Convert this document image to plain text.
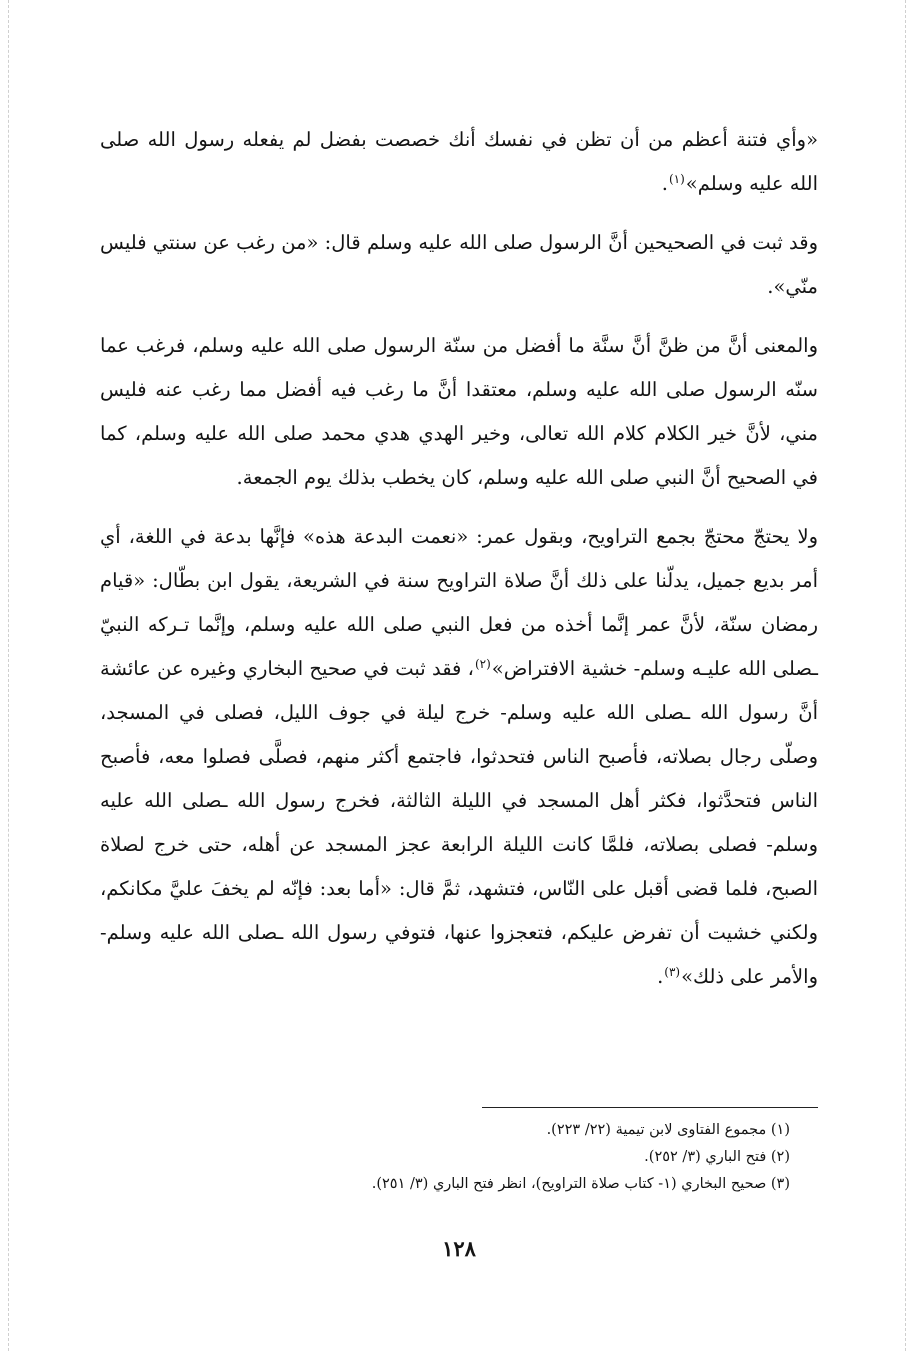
«وأي فتنة أعظم من أن تظن في نفسك أنك خصصت بفضل لم يفعله رسول الله صلى الله عليه وسلم»$^{(١)}$.

وقد ثبت في الصحيحين أنَّ الرسول صلى الله عليه وسلم قال: «من رغب عن سنتي فليس منّي».

والمعنى أنَّ من ظنَّ أنَّ سنَّة ما أفضل من سنّة الرسول صلى الله عليه وسلم، فرغب عما سنّه الرسول صلى الله عليه وسلم، معتقدا أنَّ ما رغب فيه أفضل مما رغب عنه فليس مني، لأنَّ خير الكلام كلام الله تعالى، وخير الهدي هدي محمد صلى الله عليه وسلم، كما في الصحيح أنَّ النبي صلى الله عليه وسلم، كان يخطب بذلك يوم الجمعة.

ولا يحتجّ محتجّ بجمع التراويح، وبقول عمر: «نعمت البدعة هذه» فإنَّها بدعة في اللغة، أي أمر بديع جميل، يدلّنا على ذلك أنَّ صلاة التراويح سنة في الشريعة، يقول ابن بطّال: «قيام رمضان سنّة، لأنَّ عمر إنَّما أخذه من فعل النبي صلى الله عليه وسلم، وإنَّما تـركه النبيّ ـصلى الله عليـه وسلم- خشية الافتراض»$^{(٢)}$، فقد ثبت في صحيح البخاري وغيره عن عائشة أنَّ رسول الله ـصلى الله عليه وسلم- خرج ليلة في جوف الليل، فصلى في المسجد، وصلّى رجال بصلاته، فأصبح الناس فتحدثوا، فاجتمع أكثر منهم، فصلَّى فصلوا معه، فأصبح الناس فتحدَّثوا، فكثر أهل المسجد في الليلة الثالثة، فخرج رسول الله ـصلى الله عليه وسلم- فصلى بصلاته، فلمَّا كانت الليلة الرابعة عجز المسجد عن أهله، حتى خرج لصلاة الصبح، فلما قضى أقبل على النّاس، فتشهد، ثمَّ قال: «أما بعد: فإنّه لم يخفَ عليَّ مكانكم، ولكني خشيت أن تفرض عليكم، فتعجزوا عنها، فتوفي رسول الله ـصلى الله عليه وسلم- والأمر على ذلك»$^{(٣)}$.

(١) مجموع الفتاوى لابن تيمية (٢٢/ ٢٢٣).

(٢) فتح الباري (٣/ ٢٥٢).

(٣) صحيح البخاري (١- كتاب صلاة التراويح)، انظر فتح الباري (٣/ ٢٥١).

١٢٨
